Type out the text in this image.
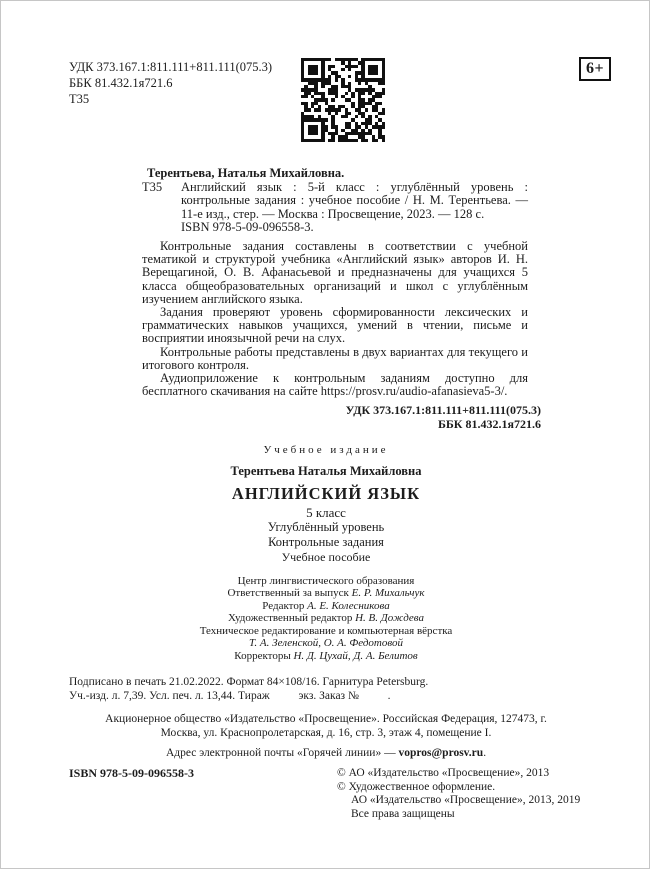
УДК 373.167.1:811.111+811.111(075.3)
ББК 81.432.1я721.6
Т35
6+
Терентьева, Наталья Михайловна.
Т35 Английский язык : 5-й класс : углублённый уровень : контрольные задания : учебное пособие / Н. М. Терентьева. — 11-е изд., стер. — Москва : Просвещение, 2023. — 128 с.

ISBN 978-5-09-096558-3.

Контрольные задания составлены в соответствии с учебной тематикой и структурой учебника «Английский язык» авторов И. Н. Верещагиной, О. В. Афанасьевой и предназначены для учащихся 5 класса общеобразовательных организаций и школ с углублённым изучением английского языка.

Задания проверяют уровень сформированности лексических и грамматических навыков учащихся, умений в чтении, письме и восприятии иноязычной речи на слух.

Контрольные работы представлены в двух вариантах для текущего и итогового контроля.

Аудиоприложение к контрольным заданиям доступно для бесплатного скачивания на сайте https://prosv.ru/audio-afanasieva5-3/.

УДК 373.167.1:811.111+811.111(075.3)
ББК 81.432.1я721.6
Учебное издание
Терентьева Наталья Михайловна
АНГЛИЙСКИЙ ЯЗЫК
5 класс
Углублённый уровень
Контрольные задания
Учебное пособие
Центр лингвистического образования
Ответственный за выпуск Е. Р. Михальчук
Редактор А. Е. Колесникова
Художественный редактор Н. В. Дождева
Техническое редактирование и компьютерная вёрстка
Т. А. Зеленской, О. А. Федотовой
Корректоры Н. Д. Цухай, Д. А. Белитов
Подписано в печать 21.02.2022. Формат 84×108/16. Гарнитура Petersburg.
Уч.-изд. л. 7,39. Усл. печ. л. 13,44. Тираж          экз. Заказ №          .
Акционерное общество «Издательство «Просвещение». Российская Федерация, 127473, г. Москва, ул. Краснопролетарская, д. 16, стр. 3, этаж 4, помещение I.
Адрес электронной почты «Горячей линии» — vopros@prosv.ru.
ISBN 978-5-09-096558-3	© АО «Издательство «Просвещение», 2013
© Художественное оформление.
АО «Издательство «Просвещение», 2013, 2019
Все права защищены
